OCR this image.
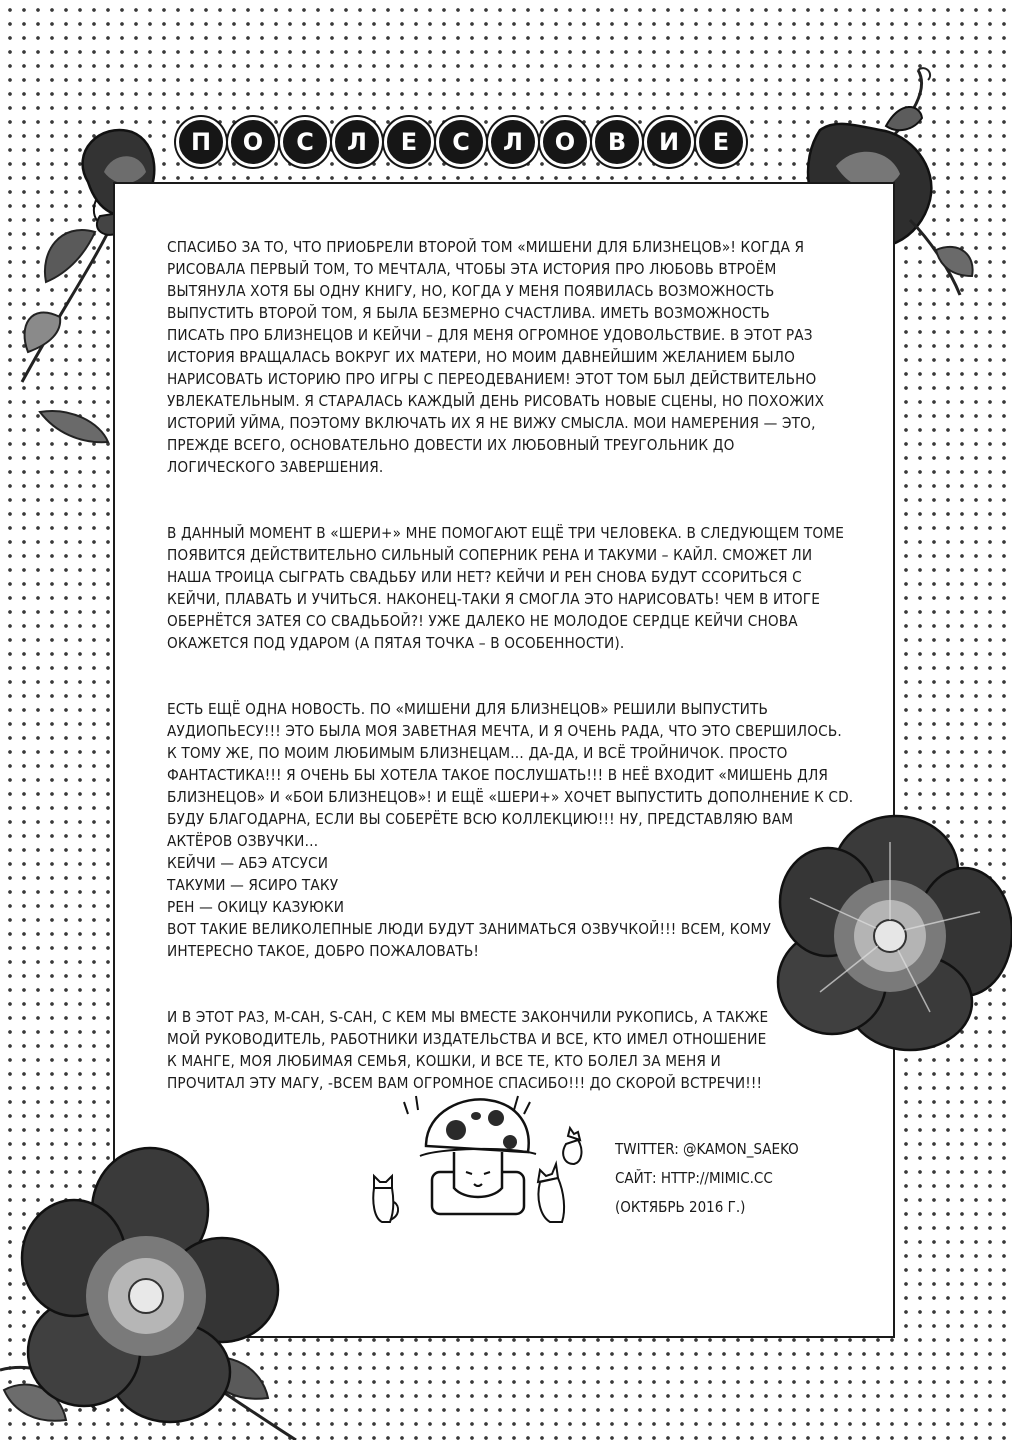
П	О	С	Л	Е	С	Л	О	В	И	Е
СПАСИБО ЗА ТО, ЧТО ПРИОБРЕЛИ ВТОРОЙ ТОМ «МИШЕНИ ДЛЯ БЛИЗНЕЦОВ»! КОГДА Я
РИСОВАЛА ПЕРВЫЙ ТОМ, ТО МЕЧТАЛА, ЧТОБЫ ЭТА ИСТОРИЯ ПРО ЛЮБОВЬ ВТРОЁМ
ВЫТЯНУЛА ХОТЯ БЫ ОДНУ КНИГУ, НО, КОГДА У МЕНЯ ПОЯВИЛАСЬ ВОЗМОЖНОСТЬ
ВЫПУСТИТЬ ВТОРОЙ ТОМ, Я БЫЛА БЕЗМЕРНО СЧАСТЛИВА. ИМЕТЬ ВОЗМОЖНОСТЬ
ПИСАТЬ ПРО БЛИЗНЕЦОВ И КЕЙЧИ – ДЛЯ МЕНЯ ОГРОМНОЕ УДОВОЛЬСТВИЕ. В ЭТОТ РАЗ
ИСТОРИЯ ВРАЩАЛАСЬ ВОКРУГ ИХ МАТЕРИ, НО МОИМ ДАВНЕЙШИМ ЖЕЛАНИЕМ БЫЛО
НАРИСОВАТЬ ИСТОРИЮ ПРО ИГРЫ С ПЕРЕОДЕВАНИЕМ! ЭТОТ ТОМ БЫЛ ДЕЙСТВИТЕЛЬНО
УВЛЕКАТЕЛЬНЫМ. Я СТАРАЛАСЬ КАЖДЫЙ ДЕНЬ РИСОВАТЬ НОВЫЕ СЦЕНЫ, НО ПОХОЖИХ
ИСТОРИЙ УЙМА, ПОЭТОМУ ВКЛЮЧАТЬ ИХ Я НЕ ВИЖУ СМЫСЛА. МОИ НАМЕРЕНИЯ — ЭТО,
ПРЕЖДЕ ВСЕГО, ОСНОВАТЕЛЬНО ДОВЕСТИ ИХ ЛЮБОВНЫЙ ТРЕУГОЛЬНИК ДО
ЛОГИЧЕСКОГО ЗАВЕРШЕНИЯ.
В ДАННЫЙ МОМЕНТ В «ШЕРИ+» МНЕ ПОМОГАЮТ ЕЩЁ ТРИ ЧЕЛОВЕКА. В СЛЕДУЮЩЕМ ТОМЕ
ПОЯВИТСЯ ДЕЙСТВИТЕЛЬНО СИЛЬНЫЙ СОПЕРНИК РЕНА И ТАКУМИ – КАЙЛ. СМОЖЕТ ЛИ
НАША ТРОИЦА СЫГРАТЬ СВАДЬБУ ИЛИ НЕТ? КЕЙЧИ И РЕН СНОВА БУДУТ ССОРИТЬСЯ С
КЕЙЧИ, ПЛАВАТЬ И УЧИТЬСЯ. НАКОНЕЦ-ТАКИ Я СМОГЛА ЭТО НАРИСОВАТЬ! ЧЕМ В ИТОГЕ
ОБЕРНЁТСЯ ЗАТЕЯ СО СВАДЬБОЙ?! УЖЕ ДАЛЕКО НЕ МОЛОДОЕ СЕРДЦЕ КЕЙЧИ СНОВА
ОКАЖЕТСЯ ПОД УДАРОМ (А ПЯТАЯ ТОЧКА – В ОСОБЕННОСТИ).
ЕСТЬ ЕЩЁ ОДНА НОВОСТЬ. ПО «МИШЕНИ ДЛЯ БЛИЗНЕЦОВ» РЕШИЛИ ВЫПУСТИТЬ
АУДИОПЬЕСУ!!! ЭТО БЫЛА МОЯ ЗАВЕТНАЯ МЕЧТА, И Я ОЧЕНЬ РАДА, ЧТО ЭТО СВЕРШИЛОСЬ.
К ТОМУ ЖЕ, ПО МОИМ ЛЮБИМЫМ БЛИЗНЕЦАМ… ДА-ДА, И ВСЁ ТРОЙНИЧОК. ПРОСТО
ФАНТАСТИКА!!! Я ОЧЕНЬ БЫ ХОТЕЛА ТАКОЕ ПОСЛУШАТЬ!!! В НЕЁ ВХОДИТ «МИШЕНЬ ДЛЯ
БЛИЗНЕЦОВ» И «БОИ БЛИЗНЕЦОВ»! И ЕЩЁ «ШЕРИ+» ХОЧЕТ ВЫПУСТИТЬ ДОПОЛНЕНИЕ К CD.
БУДУ БЛАГОДАРНА, ЕСЛИ ВЫ СОБЕРЁТЕ ВСЮ КОЛЛЕКЦИЮ!!! НУ, ПРЕДСТАВЛЯЮ ВАМ
АКТЁРОВ ОЗВУЧКИ…
КЕЙЧИ — АБЭ АТСУСИ
ТАКУМИ — ЯСИРО ТАКУ
РЕН — ОКИЦУ КАЗУЮКИ
ВОТ ТАКИЕ ВЕЛИКОЛЕПНЫЕ ЛЮДИ БУДУТ ЗАНИМАТЬСЯ ОЗВУЧКОЙ!!! ВСЕМ, КОМУ
ИНТЕРЕСНО ТАКОЕ, ДОБРО ПОЖАЛОВАТЬ!
И В ЭТОТ РАЗ, M-САН, S-САН, С КЕМ МЫ ВМЕСТЕ ЗАКОНЧИЛИ РУКОПИСЬ, А ТАКЖЕ
МОЙ РУКОВОДИТЕЛЬ, РАБОТНИКИ ИЗДАТЕЛЬСТВА И ВСЕ, КТО ИМЕЛ ОТНОШЕНИЕ
К МАНГЕ, МОЯ ЛЮБИМАЯ СЕМЬЯ, КОШКИ, И ВСЕ ТЕ, КТО БОЛЕЛ ЗА МЕНЯ И
ПРОЧИТАЛ ЭТУ МАГУ, -ВСЕМ ВАМ ОГРОМНОЕ СПАСИБО!!! ДО СКОРОЙ ВСТРЕЧИ!!!
TWITTER: @KAMON_SAEKO
САЙТ: HTTP://MIMIC.CC
(ОКТЯБРЬ 2016 Г.)
